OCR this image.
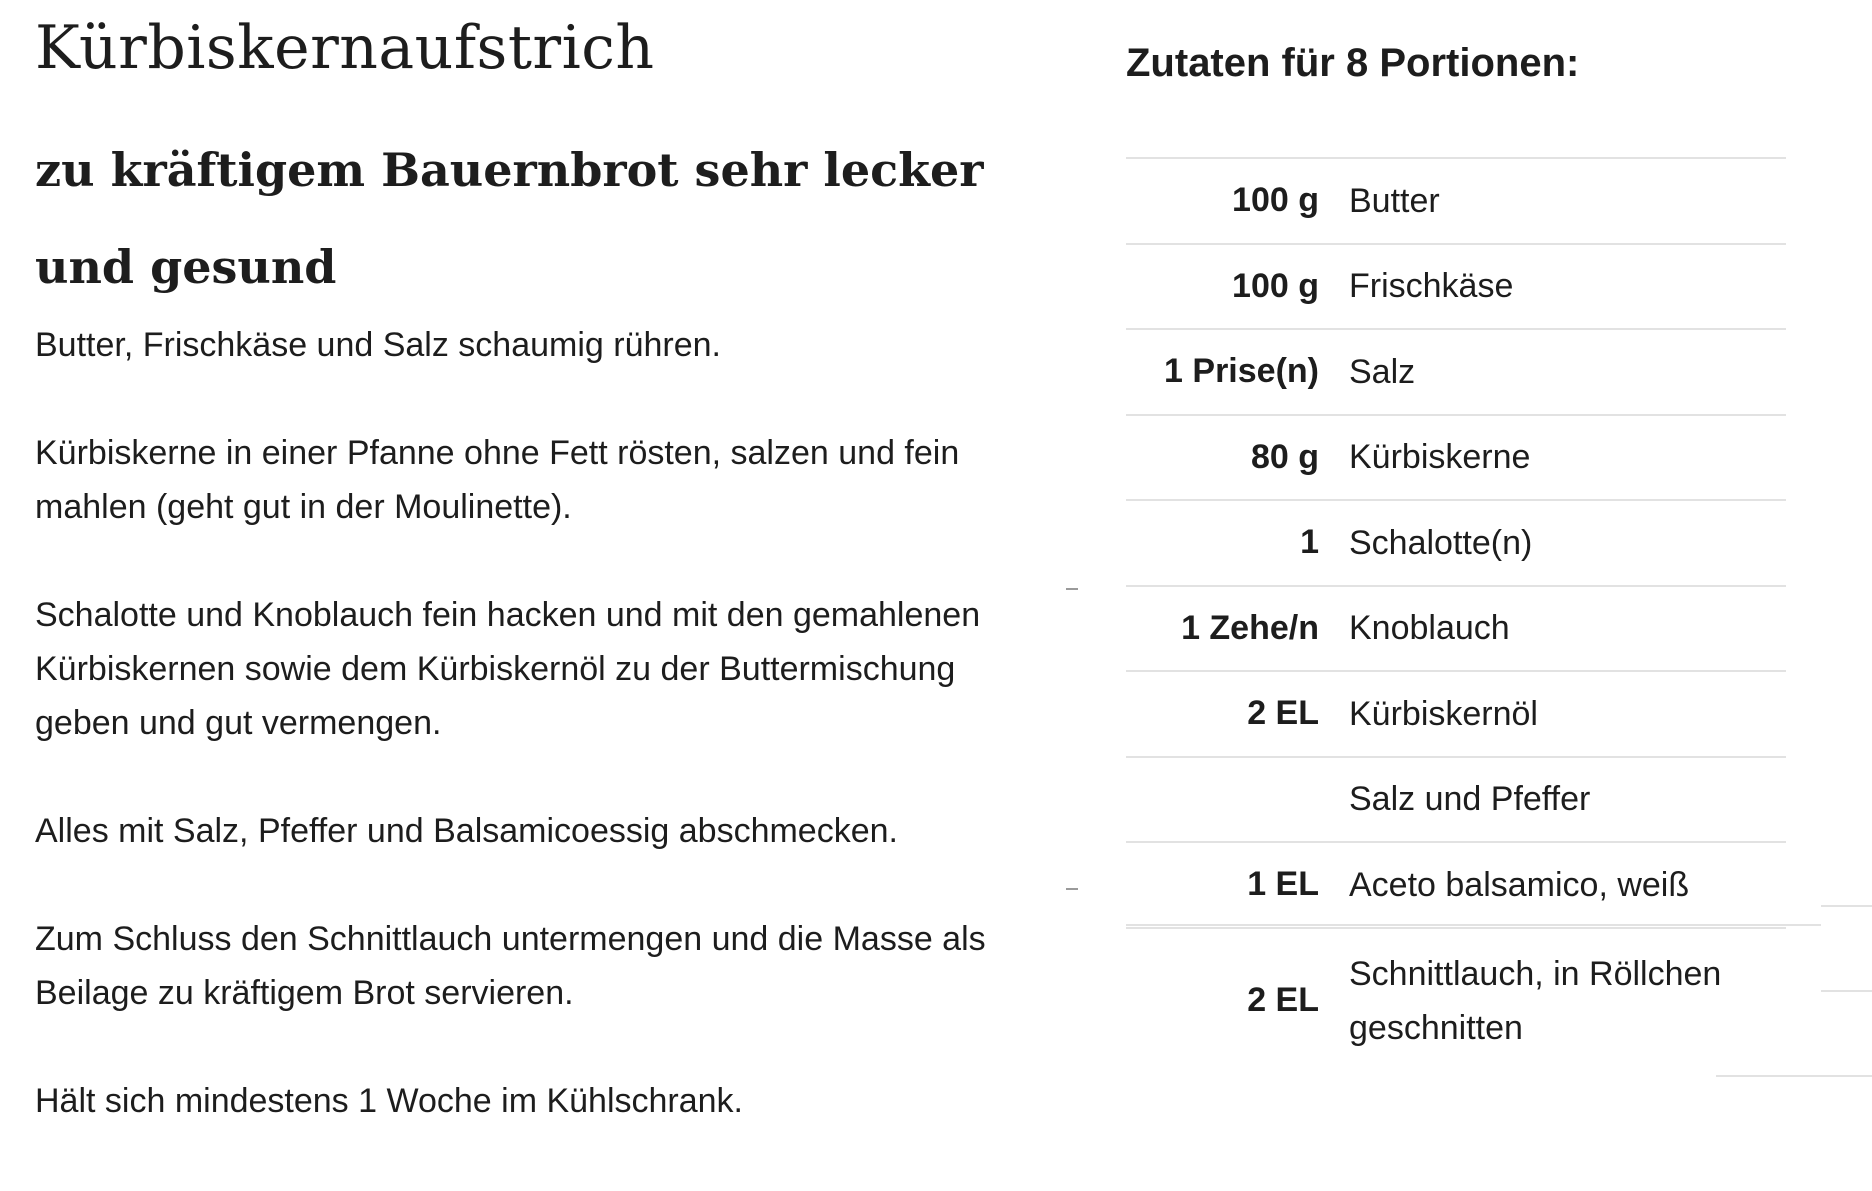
Kürbiskernaufstrich
zu kräftigem Bauernbrot sehr lecker und gesund

Butter, Frischkäse und Salz schaumig rühren.

Kürbiskerne in einer Pfanne ohne Fett rösten, salzen und fein mahlen (geht gut in der Moulinette).

Schalotte und Knoblauch fein hacken und mit den gemahlenen Kürbiskernen sowie dem Kürbiskernöl zu der Buttermischung geben und gut vermengen.

Alles mit Salz, Pfeffer und Balsamicoessig abschmecken.

Zum Schluss den Schnittlauch untermengen und die Masse als Beilage zu kräftigem Brot servieren.

Hält sich mindestens 1 Woche im Kühlschrank.

Zutaten für 8 Portionen:
100 g Butter
100 g Frischkäse
1 Prise(n) Salz
80 g Kürbiskerne
1 Schalotte(n)
1 Zehe/n Knoblauch
2 EL Kürbiskernöl
Salz und Pfeffer
1 EL Aceto balsamico, weiß
2 EL
Schnittlauch, in Röllchen geschnitten
